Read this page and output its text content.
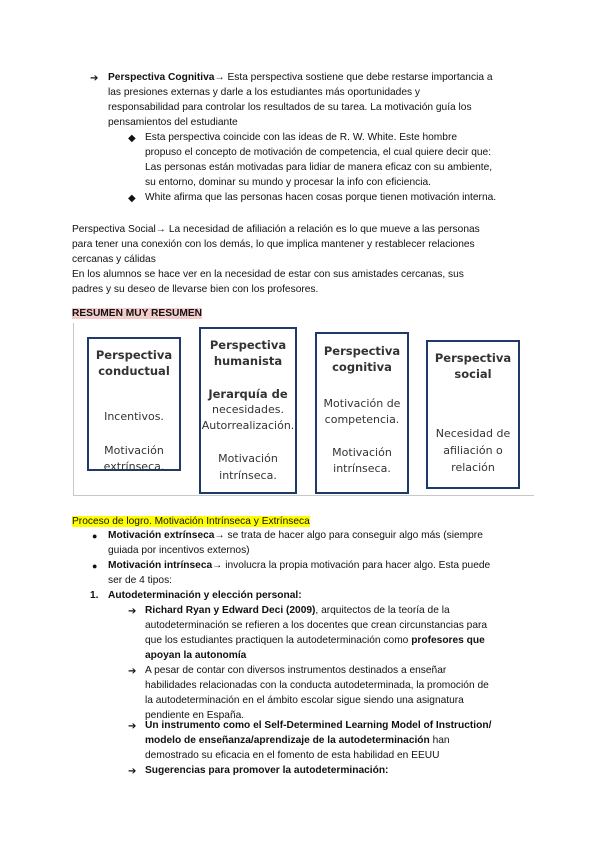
➔ Perspectiva Cognitiva→ Esta perspectiva sostiene que debe restarse importancia a
las presiones externas y darle a los estudiantes más oportunidades y
responsabilidad para controlar los resultados de su tarea. La motivación guía los
pensamientos del estudiante
◆ Esta perspectiva coincide con las ideas de R. W. White. Este hombre
propuso el concepto de motivación de competencia, el cual quiere decir que:
Las personas están motivadas para lidiar de manera eficaz con su ambiente,
su entorno, dominar su mundo y procesar la info con eficiencia.
◆ White afirma que las personas hacen cosas porque tienen motivación interna.
Perspectiva Social→ La necesidad de afiliación a relación es lo que mueve a las personas
para tener una conexión con los demás, lo que implica mantener y restablecer relaciones
cercanas y cálidas
En los alumnos se hace ver en la necesidad de estar con sus amistades cercanas, sus
padres y su deseo de llevarse bien con los profesores.
RESUMEN MUY RESUMEN
Perspectiva
conductual
Incentivos.
Motivación
extrínseca.
Perspectiva
humanista
Jerarquía de
necesidades.
Autorrealización.
Motivación
intrínseca.
Perspectiva
cognitiva
Motivación de
competencia.
Motivación
intrínseca.
Perspectiva
social
Necesidad de
afiliación o
relación
Proceso de logro. Motivación Intrínseca y Extrínseca
● Motivación extrínseca→ se trata de hacer algo para conseguir algo más (siempre
guiada por incentivos externos)
● Motivación intrínseca→ involucra la propia motivación para hacer algo. Esta puede
ser de 4 tipos:
1. Autodeterminación y elección personal:
➔ Richard Ryan y Edward Deci (2009), arquitectos de la teoría de la
autodeterminación se refieren a los docentes que crean circunstancias para
que los estudiantes practiquen la autodeterminación como profesores que
apoyan la autonomía
➔ A pesar de contar con diversos instrumentos destinados a enseñar
habilidades relacionadas con la conducta autodeterminada, la promoción de
la autodeterminación en el ámbito escolar sigue siendo una asignatura
pendiente en España.
➔ Un instrumento como el Self-Determined Learning Model of Instruction/
modelo de enseñanza/aprendizaje de la autodeterminación han
demostrado su eficacia en el fomento de esta habilidad en EEUU
➔ Sugerencias para promover la autodeterminación:
